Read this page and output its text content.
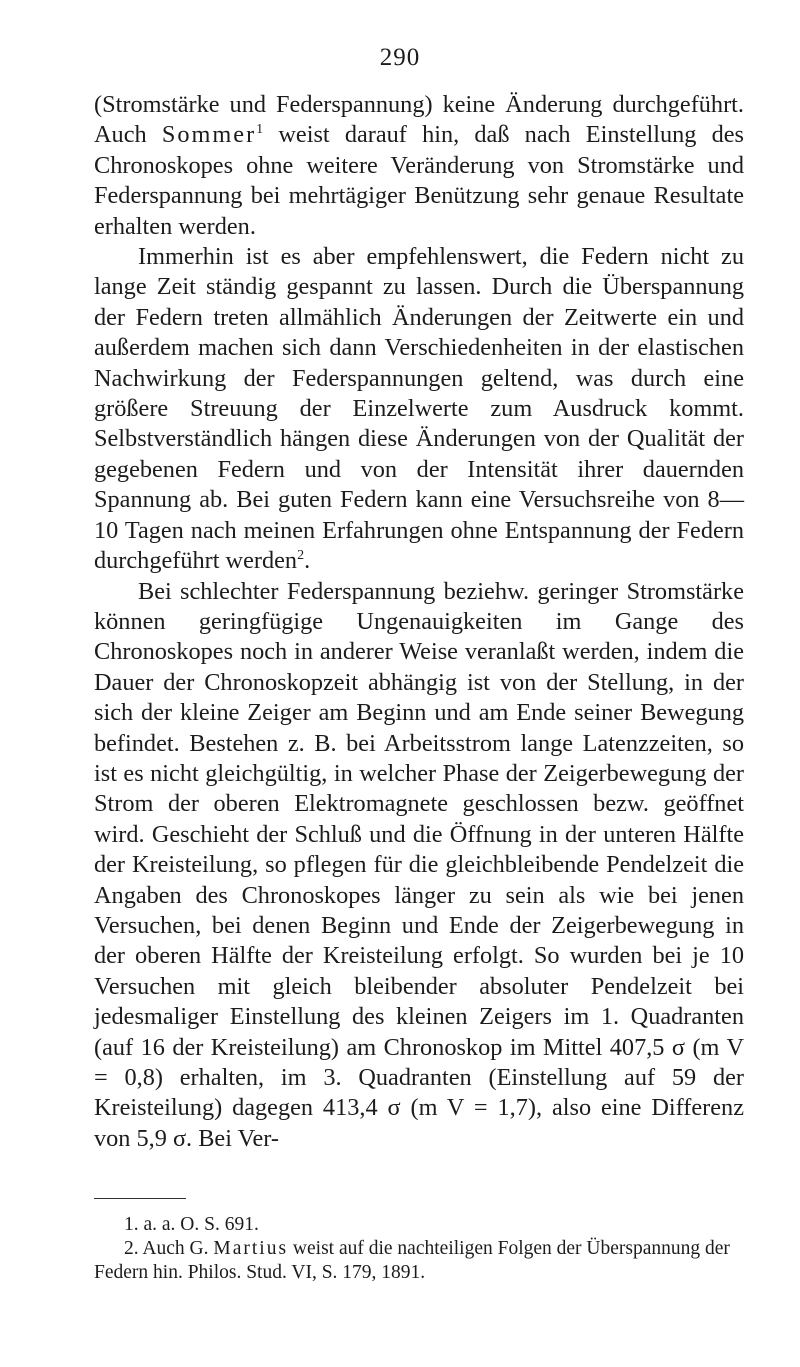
290

(Stromstärke und Federspannung) keine Änderung durchgeführt. Auch Sommer$^1$ weist darauf hin, daß nach Einstellung des Chronoskopes ohne weitere Veränderung von Stromstärke und Federspannung bei mehrtägiger Benützung sehr genaue Resultate erhalten werden.

Immerhin ist es aber empfehlenswert, die Federn nicht zu lange Zeit ständig gespannt zu lassen. Durch die Überspannung der Federn treten allmählich Änderungen der Zeitwerte ein und außerdem machen sich dann Verschiedenheiten in der elastischen Nachwirkung der Federspannungen geltend, was durch eine größere Streuung der Einzelwerte zum Ausdruck kommt. Selbstverständlich hängen diese Änderungen von der Qualität der gegebenen Federn und von der Intensität ihrer dauernden Spannung ab. Bei guten Federn kann eine Versuchsreihe von 8—10 Tagen nach meinen Erfahrungen ohne Entspannung der Federn durchgeführt werden$^2$.

Bei schlechter Federspannung beziehw. geringer Stromstärke können geringfügige Ungenauigkeiten im Gange des Chronoskopes noch in anderer Weise veranlaßt werden, indem die Dauer der Chronoskopzeit abhängig ist von der Stellung, in der sich der kleine Zeiger am Beginn und am Ende seiner Bewegung befindet. Bestehen z. B. bei Arbeitsstrom lange Latenzzeiten, so ist es nicht gleichgültig, in welcher Phase der Zeigerbewegung der Strom der oberen Elektromagnete geschlossen bezw. geöffnet wird. Geschieht der Schluß und die Öffnung in der unteren Hälfte der Kreisteilung, so pflegen für die gleichbleibende Pendelzeit die Angaben des Chronoskopes länger zu sein als wie bei jenen Versuchen, bei denen Beginn und Ende der Zeigerbewegung in der oberen Hälfte der Kreisteilung erfolgt. So wurden bei je 10 Versuchen mit gleich bleibender absoluter Pendelzeit bei jedesmaliger Einstellung des kleinen Zeigers im 1. Quadranten (auf 16 der Kreisteilung) am Chronoskop im Mittel 407,5 σ (m V = 0,8) erhalten, im 3. Quadranten (Einstellung auf 59 der Kreisteilung) dagegen 413,4 σ (m V = 1,7), also eine Differenz von 5,9 σ. Bei Ver-

1. a. a. O. S. 691.

2. Auch G. Martius weist auf die nachteiligen Folgen der Überspannung der Federn hin. Philos. Stud. VI, S. 179, 1891.
